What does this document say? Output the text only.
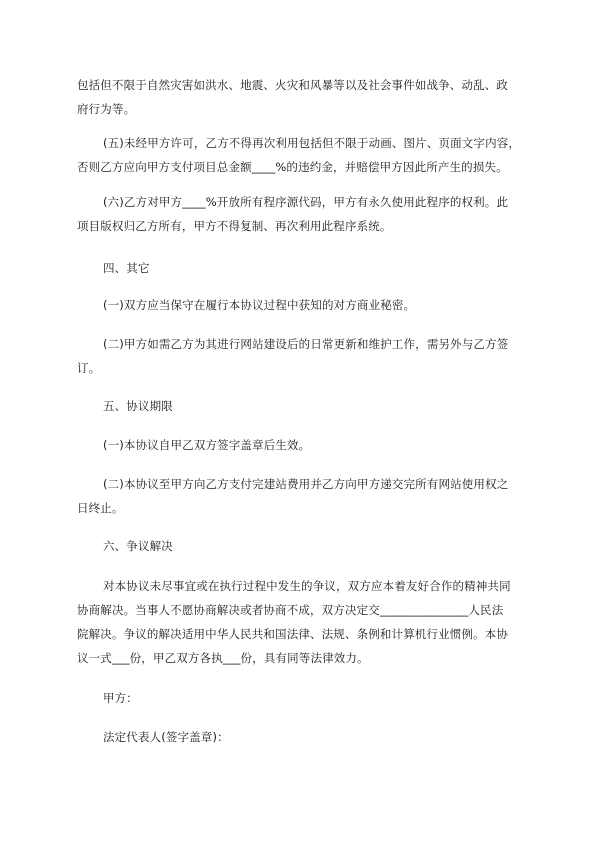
包括但不限于自然灾害如洪水、地震、火灾和风暴等以及社会事件如战争、动乱、政
府行为等。
(五)未经甲方许可，乙方不得再次利用包括但不限于动画、图片、页面文字内容，
否则乙方应向甲方支付项目总金额____%的违约金，并赔偿甲方因此所产生的损失。
(六)乙方对甲方____%开放所有程序源代码，甲方有永久使用此程序的权利。此
项目版权归乙方所有，甲方不得复制、再次利用此程序系统。
四、其它
(一)双方应当保守在履行本协议过程中获知的对方商业秘密。
(二)甲方如需乙方为其进行网站建设后的日常更新和维护工作，需另外与乙方签
订。
五、协议期限
(一)本协议自甲乙双方签字盖章后生效。
(二)本协议至甲方向乙方支付完建站费用并乙方向甲方递交完所有网站使用权之
日终止。
六、争议解决
对本协议未尽事宜或在执行过程中发生的争议，双方应本着友好合作的精神共同
协商解决。当事人不愿协商解决或者协商不成，双方决定交_______________人民法
院解决。争议的解决适用中华人民共和国法律、法规、条例和计算机行业惯例。本协
议一式___份，甲乙双方各执___份，具有同等法律效力。
甲方：
法定代表人(签字盖章)：
